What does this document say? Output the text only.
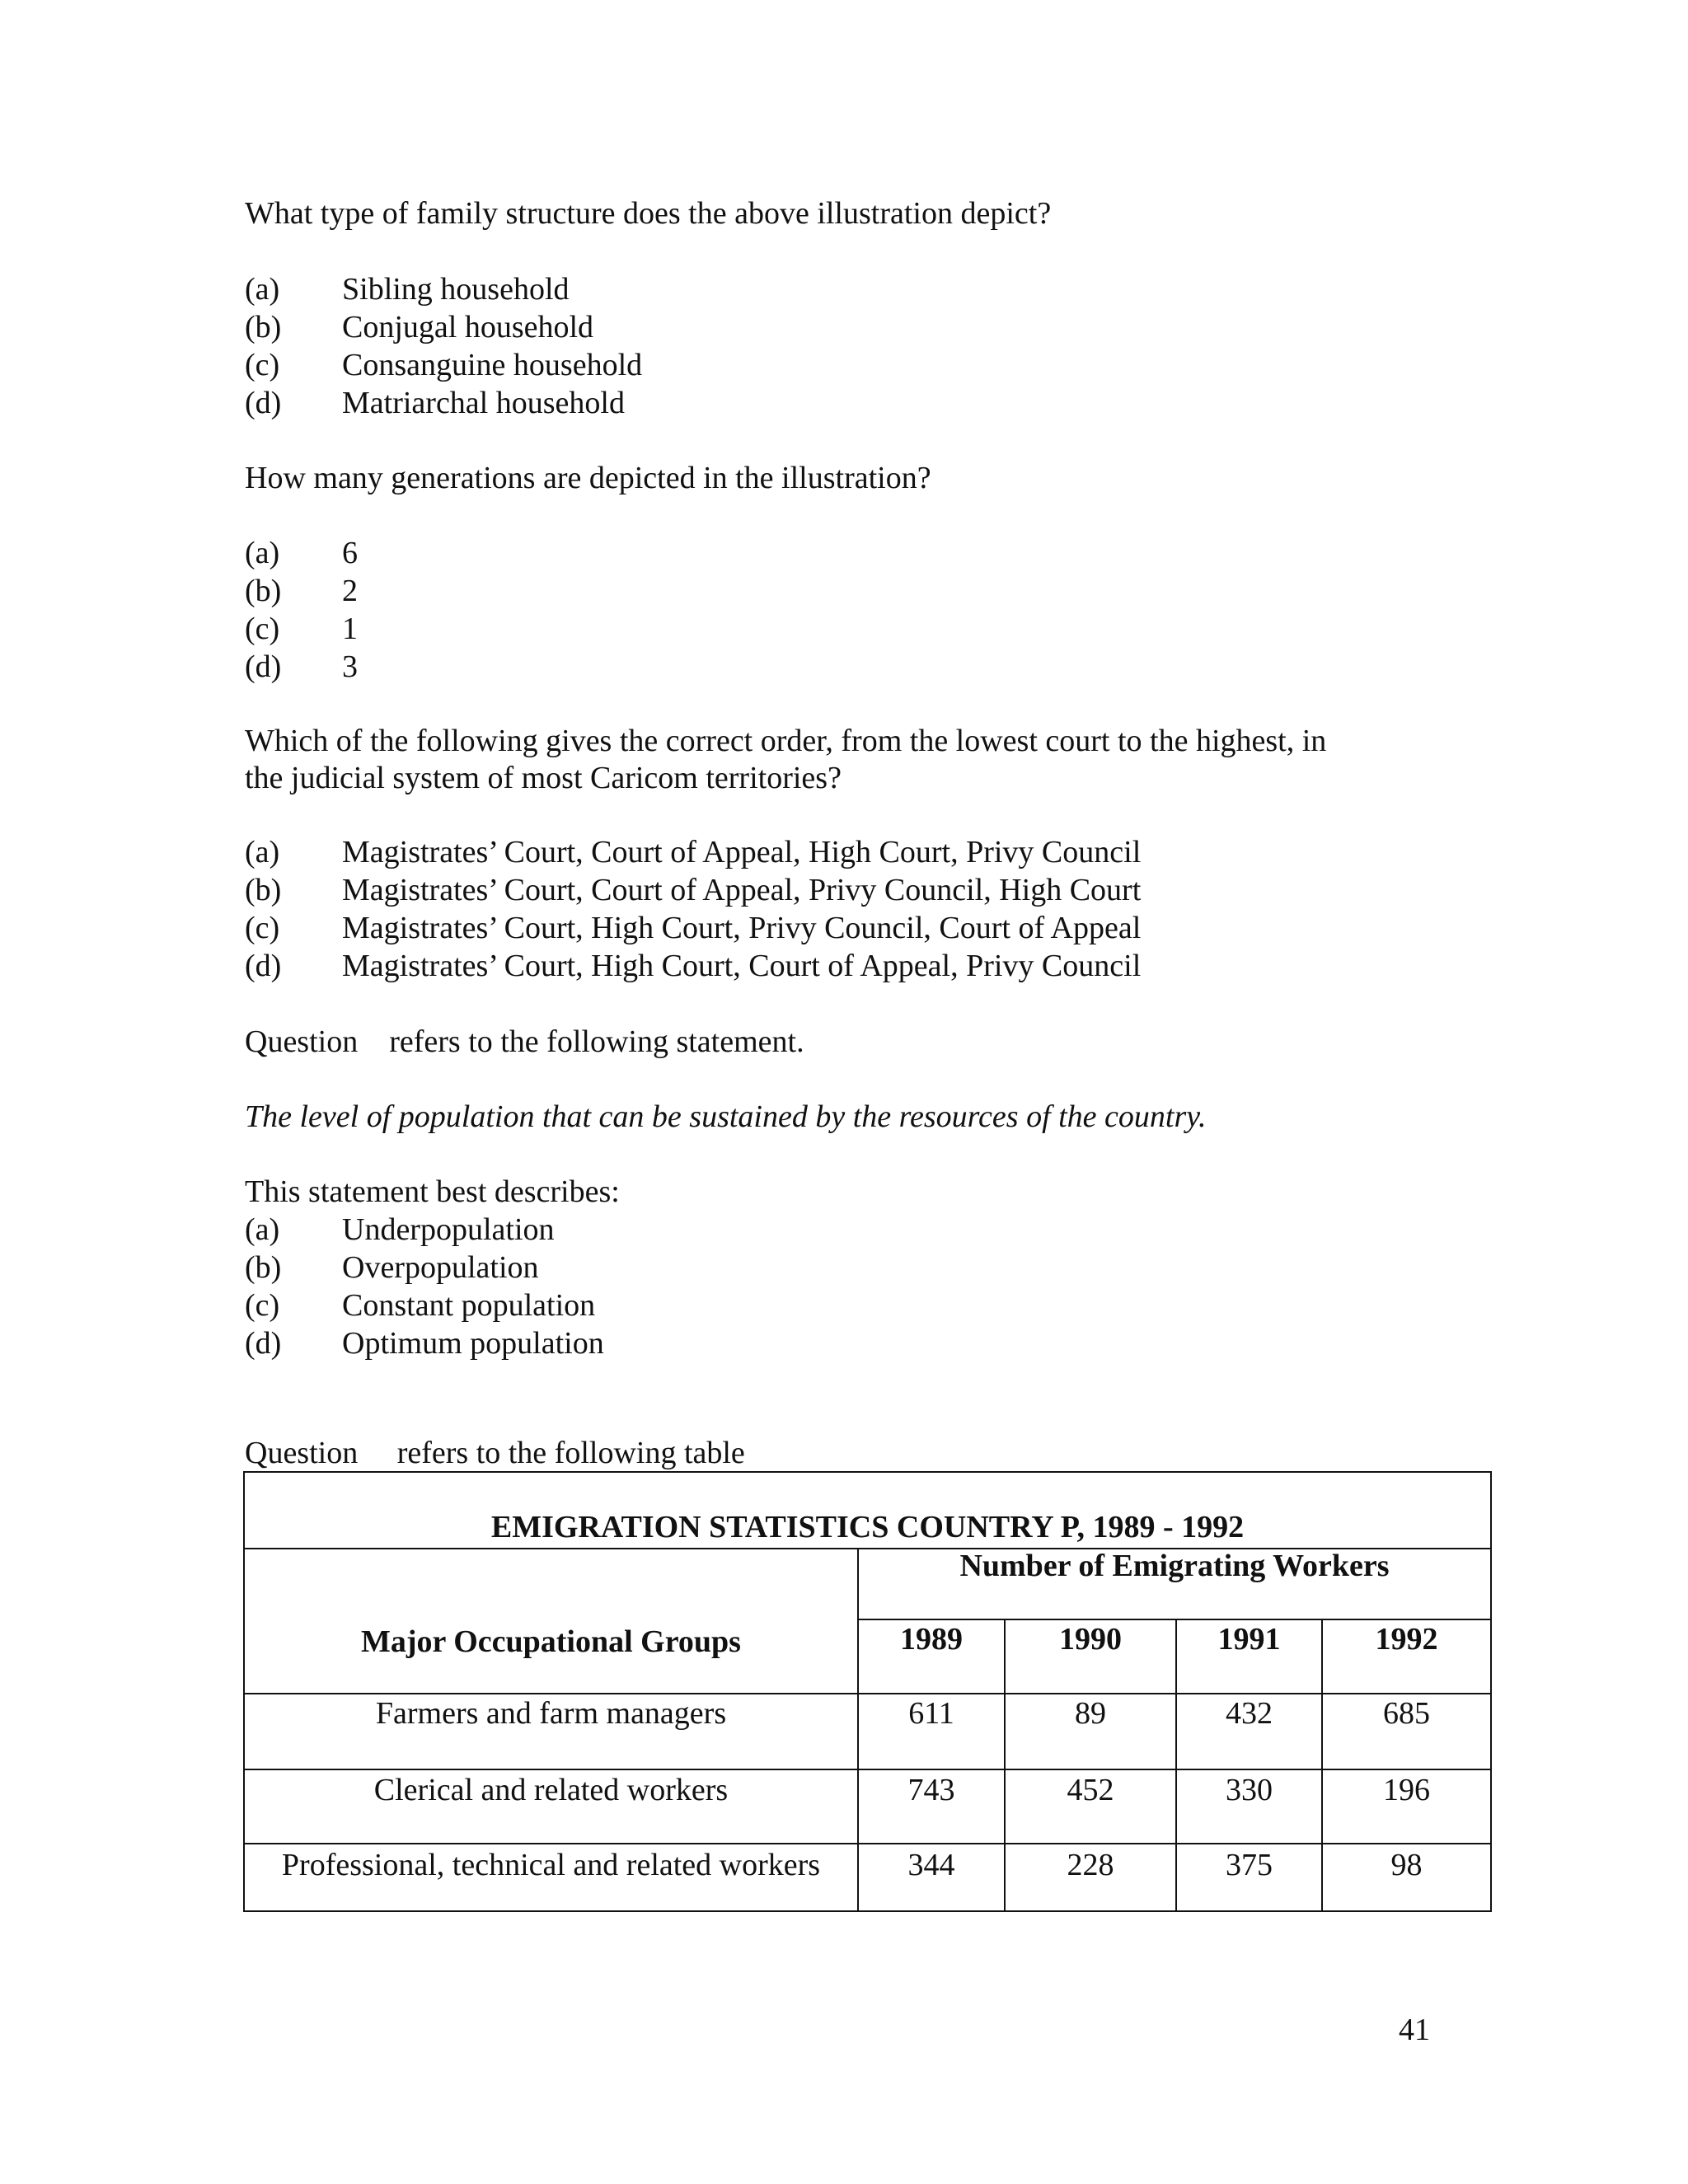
What type of family structure does the above illustration depict?
(a) Sibling household
(b) Conjugal household
(c) Consanguine household
(d) Matriarchal household
How many generations are depicted in the illustration?
(a) 6
(b) 2
(c) 1
(d) 3
Which of the following gives the correct order, from the lowest court to the highest, in
the judicial system of most Caricom territories?
(a) Magistrates’ Court, Court of Appeal, High Court, Privy Council
(b) Magistrates’ Court, Court of Appeal, Privy Council, High Court
(c) Magistrates’ Court, High Court, Privy Council, Court of Appeal
(d) Magistrates’ Court, High Court, Court of Appeal, Privy Council
Question    refers to the following statement.
The level of population that can be sustained by the resources of the country.
This statement best describes:
(a) Underpopulation
(b) Overpopulation
(c) Constant population
(d) Optimum population
Question     refers to the following table
EMIGRATION STATISTICS COUNTRY P, 1989 - 1992
Number of Emigrating Workers
Major Occupational Groups	1989	1990	1991	1992
Farmers and farm managers	611	89	432	685
Clerical and related workers	743	452	330	196
Professional, technical and related workers	344	228	375	98
41
